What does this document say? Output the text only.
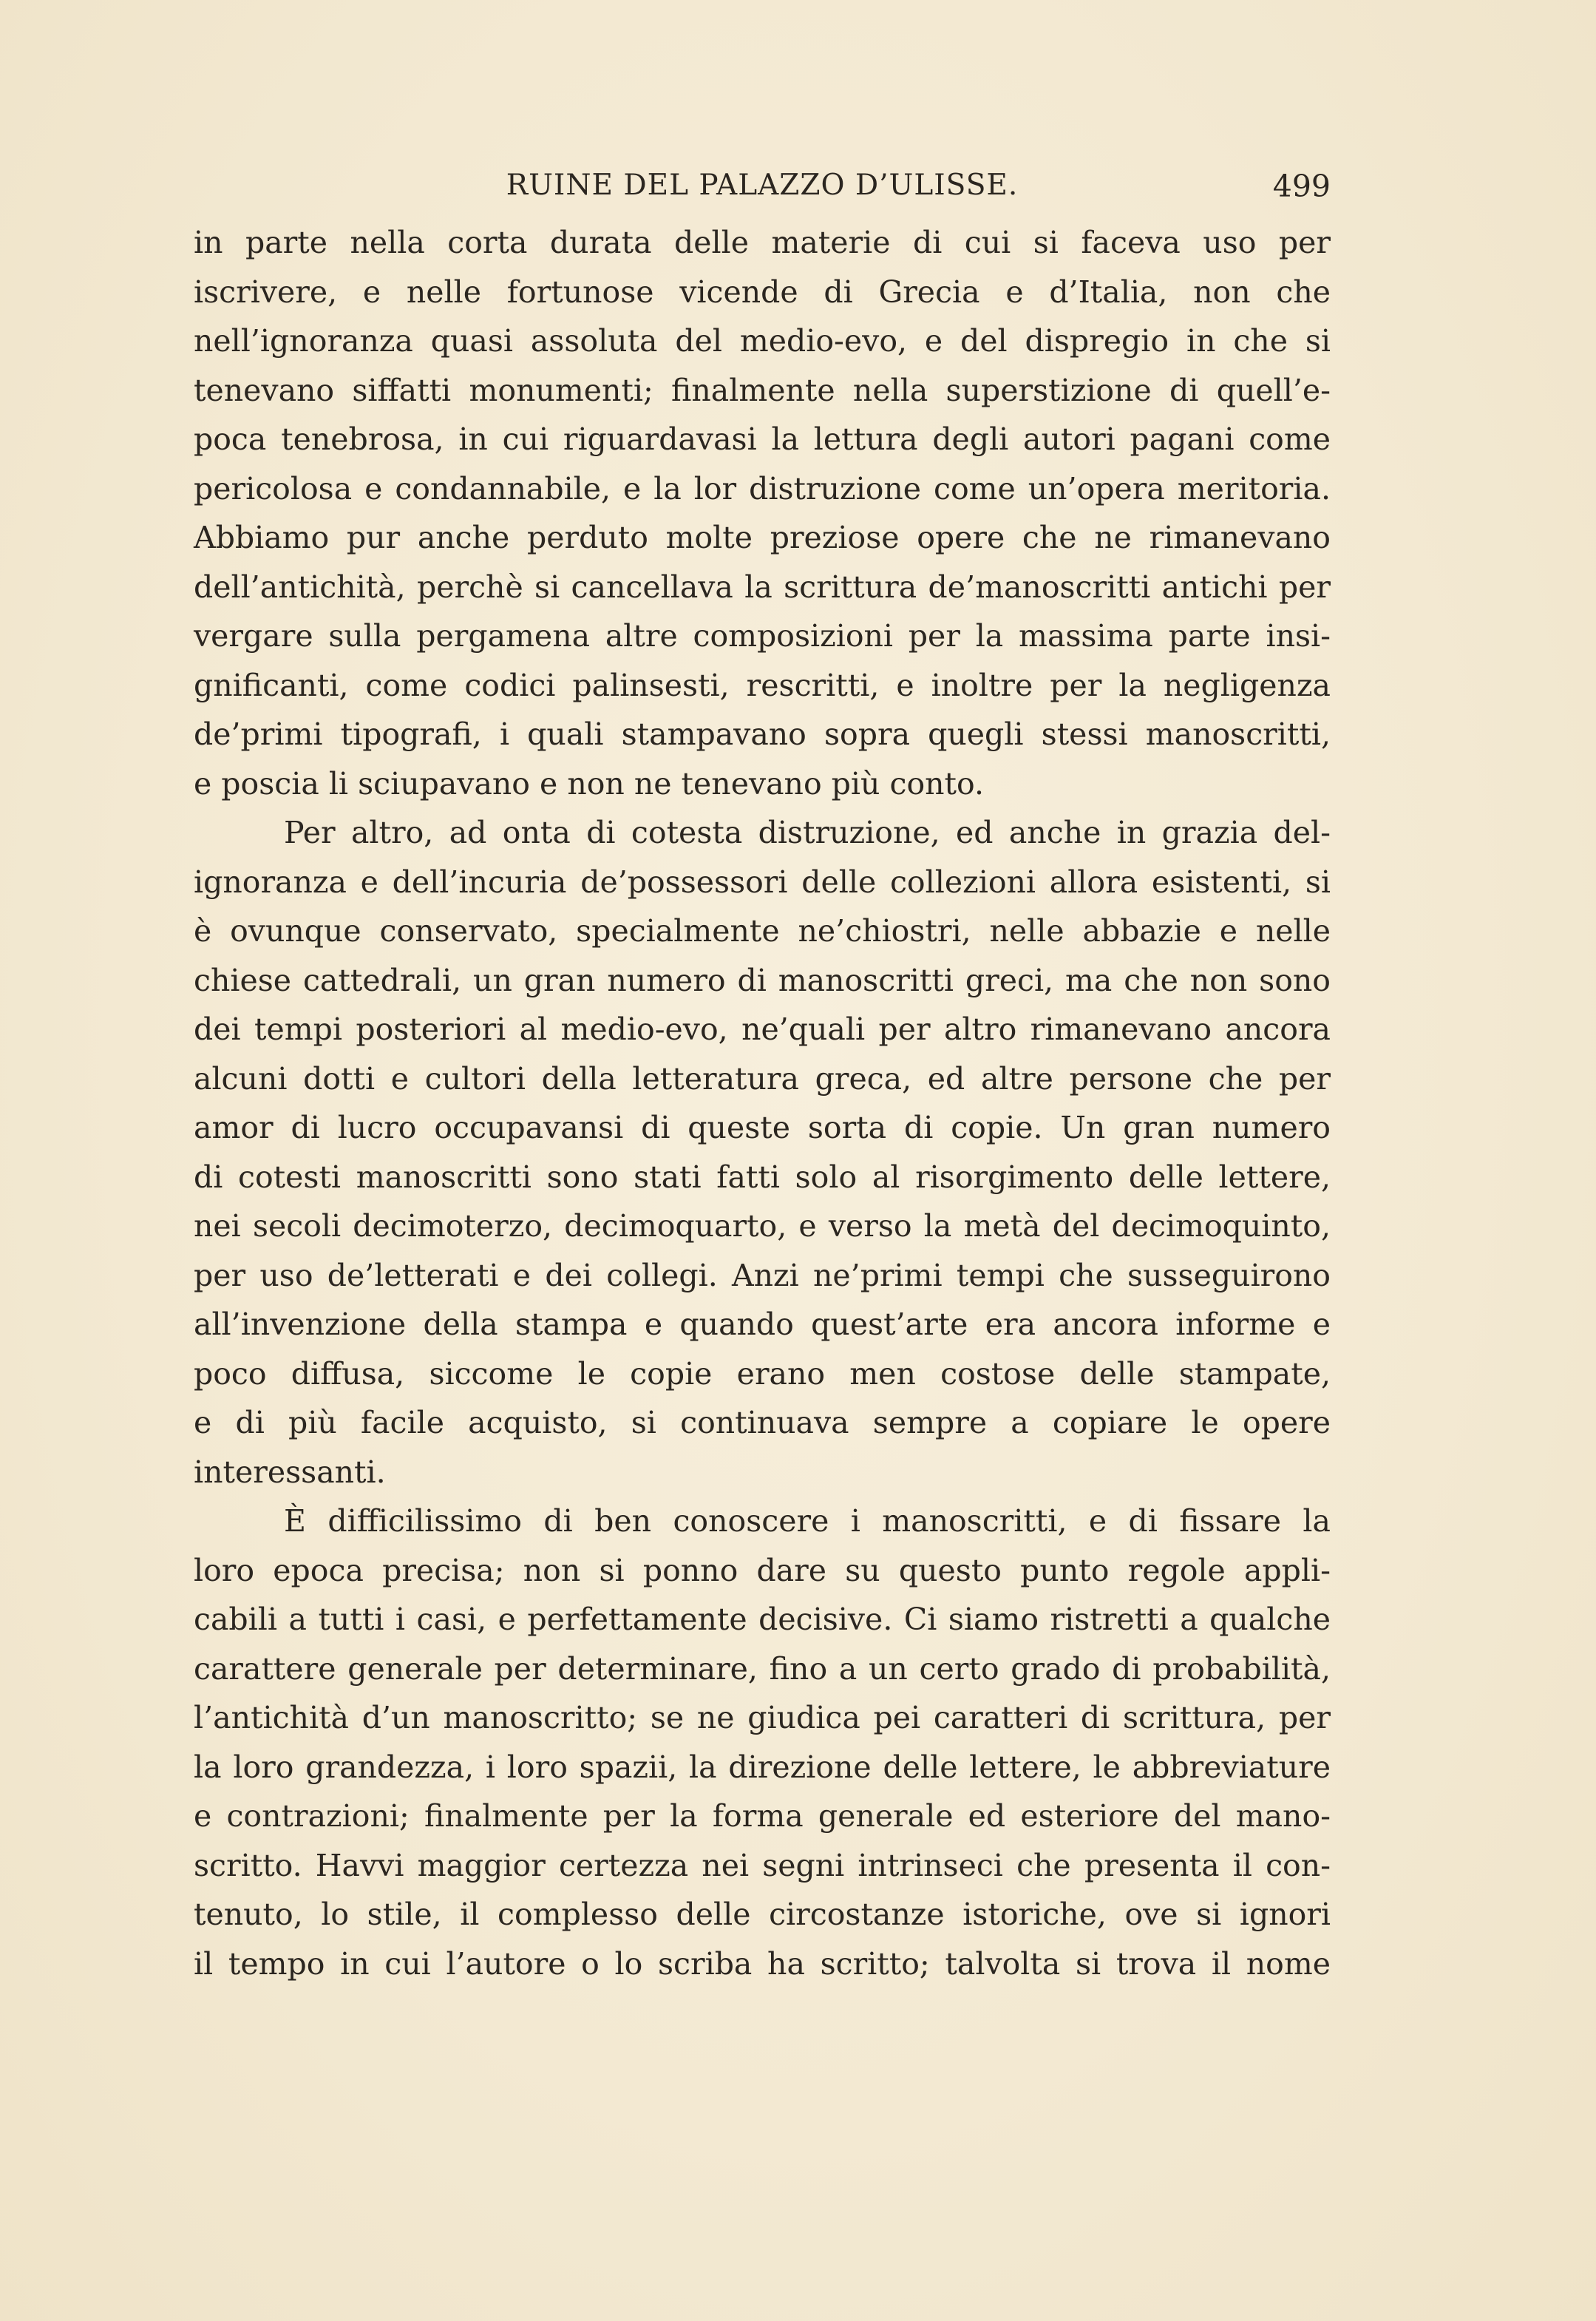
RUINE DEL PALAZZO D’ULISSE.	499
in parte nella corta durata delle materie di cui si faceva uso per
iscrivere, e nelle fortunose vicende di Grecia e d’Italia, non che
nell’ignoranza quasi assoluta del medio-evo, e del dispregio in che si
tenevano siffatti monumenti; finalmente nella superstizione di quell’e-
poca tenebrosa, in cui riguardavasi la lettura degli autori pagani come
pericolosa e condannabile, e la lor distruzione come un’opera meritoria.
Abbiamo pur anche perduto molte preziose opere che ne rimanevano
dell’antichità, perchè si cancellava la scrittura de’manoscritti antichi per
vergare sulla pergamena altre composizioni per la massima parte insi-
gnificanti, come codici palinsesti, rescritti, e inoltre per la negligenza
de’primi tipografi, i quali stampavano sopra quegli stessi manoscritti,
e poscia li sciupavano e non ne tenevano più conto.
Per altro, ad onta di cotesta distruzione, ed anche in grazia del-
ignoranza e dell’incuria de’possessori delle collezioni allora esistenti, si
è ovunque conservato, specialmente ne’chiostri, nelle abbazie e nelle
chiese cattedrali, un gran numero di manoscritti greci, ma che non sono
dei tempi posteriori al medio-evo, ne’quali per altro rimanevano ancora
alcuni dotti e cultori della letteratura greca, ed altre persone che per
amor di lucro occupavansi di queste sorta di copie. Un gran numero
di cotesti manoscritti sono stati fatti solo al risorgimento delle lettere,
nei secoli decimoterzo, decimoquarto, e verso la metà del decimoquinto,
per uso de’letterati e dei collegi. Anzi ne’primi tempi che susseguirono
all’invenzione della stampa e quando quest’arte era ancora informe e
poco diffusa, siccome le copie erano men costose delle stampate,
e di più facile acquisto, si continuava sempre a copiare le opere
interessanti.
È difficilissimo di ben conoscere i manoscritti, e di fissare la
loro epoca precisa; non si ponno dare su questo punto regole appli-
cabili a tutti i casi, e perfettamente decisive. Ci siamo ristretti a qualche
carattere generale per determinare, fino a un certo grado di probabilità,
l’antichità d’un manoscritto; se ne giudica pei caratteri di scrittura, per
la loro grandezza, i loro spazii, la direzione delle lettere, le abbreviature
e contrazioni; finalmente per la forma generale ed esteriore del mano-
scritto. Havvi maggior certezza nei segni intrinseci che presenta il con-
tenuto, lo stile, il complesso delle circostanze istoriche, ove si ignori
il tempo in cui l’autore o lo scriba ha scritto; talvolta si trova il nome
